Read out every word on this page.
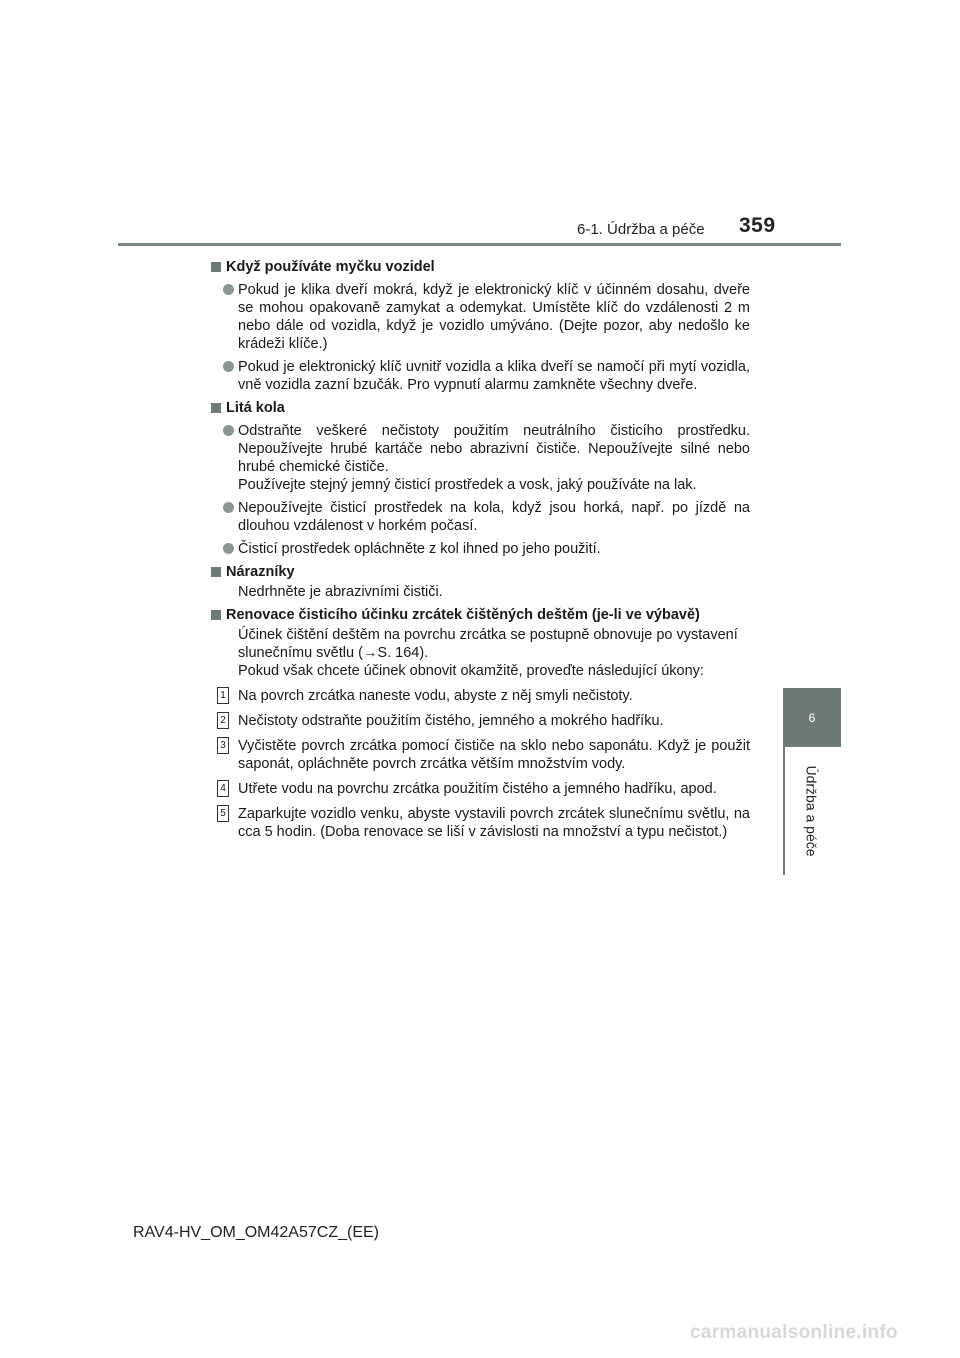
6-1. Údržba a péče 359
6
Údržba a péče
Když používáte myčku vozidel
Pokud je klika dveří mokrá, když je elektronický klíč v účinném dosahu, dveře se mohou opakovaně zamykat a odemykat. Umístěte klíč do vzdálenosti 2 m nebo dále od vozidla, když je vozidlo umýváno. (Dejte pozor, aby nedošlo ke krádeži klíče.)
Pokud je elektronický klíč uvnitř vozidla a klika dveří se namočí při mytí vozidla, vně vozidla zazní bzučák. Pro vypnutí alarmu zamkněte všechny dveře.
Litá kola
Odstraňte veškeré nečistoty použitím neutrálního čisticího prostředku. Nepoužívejte hrubé kartáče nebo abrazivní čističe. Nepoužívejte silné nebo hrubé chemické čističe.
Používejte stejný jemný čisticí prostředek a vosk, jaký používáte na lak.
Nepoužívejte čisticí prostředek na kola, když jsou horká, např. po jízdě na dlouhou vzdálenost v horkém počasí.
Čisticí prostředek opláchněte z kol ihned po jeho použití.
Nárazníky
Nedrhněte je abrazivními čističi.
Renovace čisticího účinku zrcátek čištěných deštěm (je-li ve výbavě)
Účinek čištění deštěm na povrchu zrcátka se postupně obnovuje po vystavení slunečnímu světlu (→S. 164).
Pokud však chcete účinek obnovit okamžitě, proveďte následující úkony:
1 Na povrch zrcátka naneste vodu, abyste z něj smyli nečistoty.
2 Nečistoty odstraňte použitím čistého, jemného a mokrého hadříku.
3 Vyčistěte povrch zrcátka pomocí čističe na sklo nebo saponátu. Když je použit saponát, opláchněte povrch zrcátka větším množstvím vody.
4 Utřete vodu na povrchu zrcátka použitím čistého a jemného hadříku, apod.
5 Zaparkujte vozidlo venku, abyste vystavili povrch zrcátek slunečnímu světlu, na cca 5 hodin. (Doba renovace se liší v závislosti na množství a typu nečistot.)
RAV4-HV_OM_OM42A57CZ_(EE)
carmanualsonline.info
